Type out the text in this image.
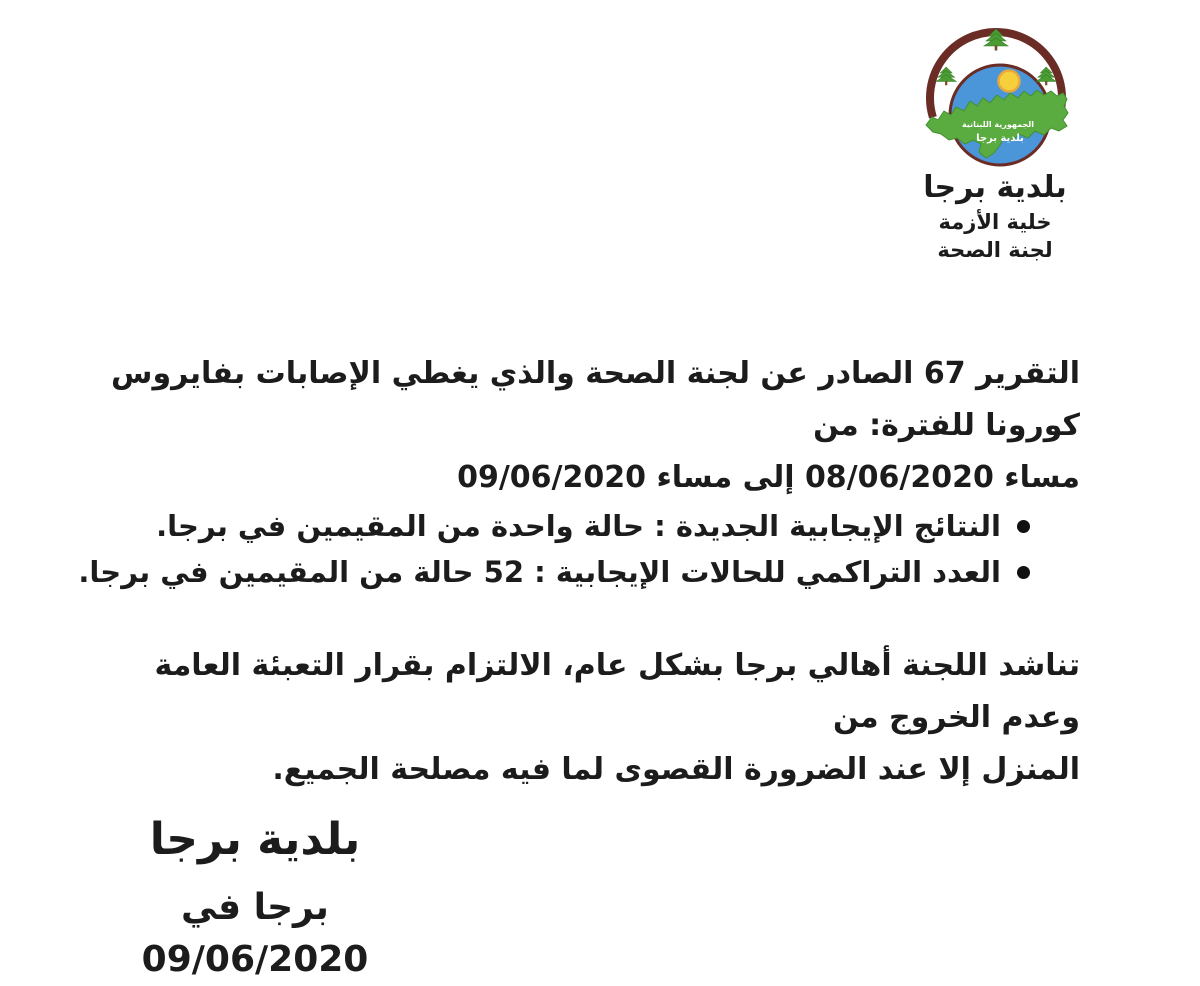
الجمهورية اللبنانية
بلدية برجا
بلدية برجا
خلية الأزمة
لجنة الصحة
التقرير 67 الصادر عن لجنة الصحة والذي يغطي الإصابات بفايروس كورونا للفترة: من
مساء 08/06/2020 إلى مساء 09/06/2020
النتائج الإيجابية الجديدة : حالة واحدة من المقيمين في برجا.
العدد التراكمي للحالات الإيجابية : 52 حالة من المقيمين في برجا.
تناشد اللجنة أهالي برجا بشكل عام، الالتزام بقرار التعبئة العامة وعدم الخروج من
المنزل إلا عند الضرورة القصوى لما فيه مصلحة الجميع.
بلدية برجا
برجا في 09/06/2020
